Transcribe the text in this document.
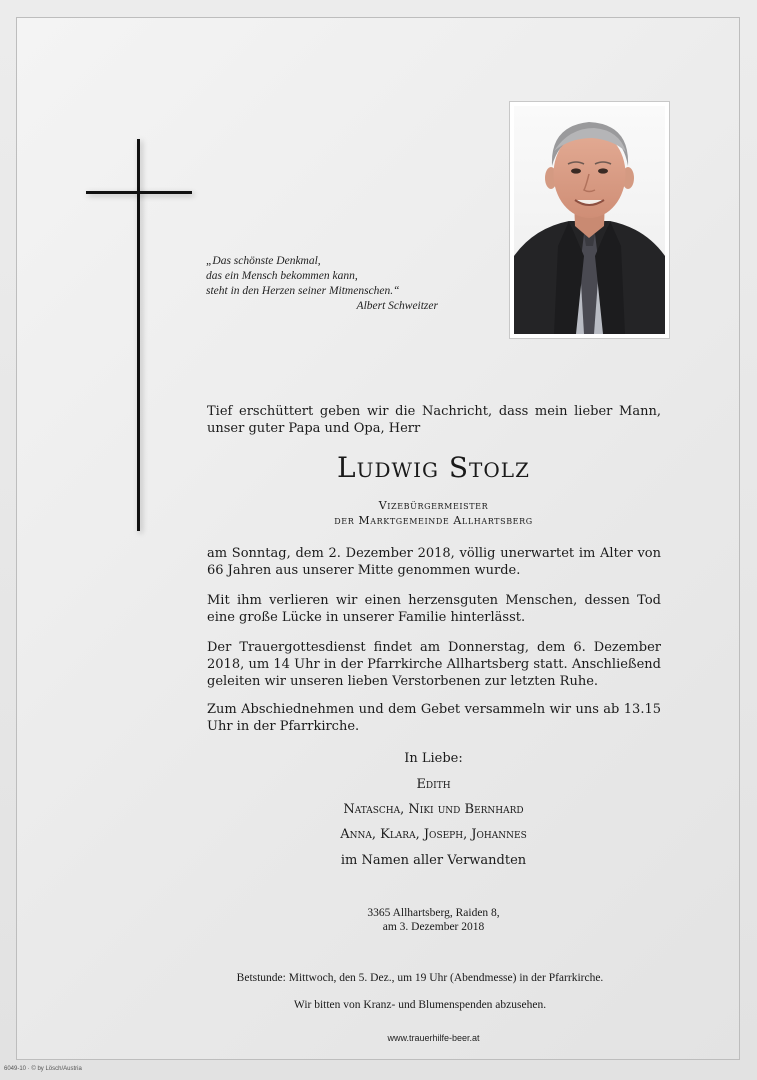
„Das schönste Denkmal,
das ein Mensch bekommen kann,
steht in den Herzen seiner Mitmenschen.“
Albert Schweitzer
Tief erschüttert geben wir die Nachricht, dass mein lieber Mann, unser guter Papa und Opa, Herr
Ludwig Stolz
Vizebürgermeister
der Marktgemeinde Allhartsberg
am Sonntag, dem 2. Dezember 2018, völlig unerwartet im Alter von 66 Jahren aus unserer Mitte genommen wurde.
Mit ihm verlieren wir einen herzensguten Menschen, dessen Tod eine große Lücke in unserer Familie hinterlässt.
Der Trauergottesdienst findet am Donnerstag, dem 6. Dezember 2018, um 14 Uhr in der Pfarrkirche Allhartsberg statt. Anschließend geleiten wir unseren lieben Verstorbenen zur letzten Ruhe.
Zum Abschiednehmen und dem Gebet versammeln wir uns ab 13.15 Uhr in der Pfarrkirche.
In Liebe:
Edith
Natascha, Niki und Bernhard
Anna, Klara, Joseph, Johannes
im Namen aller Verwandten
3365 Allhartsberg, Raiden 8,
am 3. Dezember 2018
Betstunde: Mittwoch, den 5. Dez., um 19 Uhr (Abendmesse) in der Pfarrkirche.
Wir bitten von Kranz- und Blumenspenden abzusehen.
www.trauerhilfe-beer.at
6049-10 · © by Lösch/Austria
